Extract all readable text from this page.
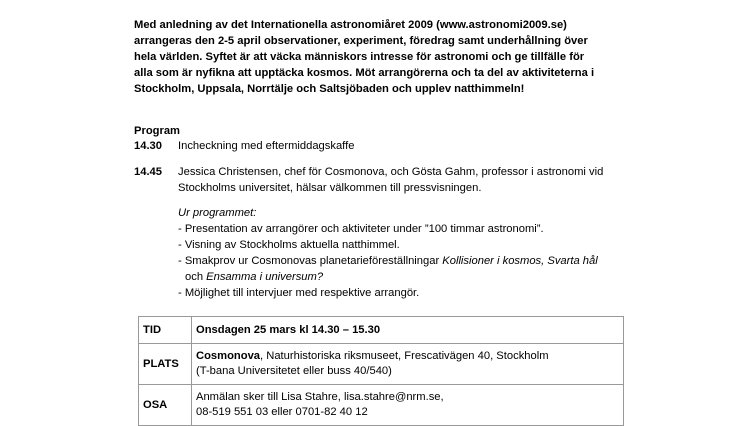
Med anledning av det Internationella astronomiåret 2009 (www.astronomi2009.se)
arrangeras den 2-5 april observationer, experiment, föredrag samt underhållning över
hela världen. Syftet är att väcka människors intresse för astronomi och ge tillfälle för
alla som är nyfikna att upptäcka kosmos. Möt arrangörerna och ta del av aktiviteterna i
Stockholm, Uppsala, Norrtälje och Saltsjöbaden och upplev natthimmeln!
Program
14.30 Incheckning med eftermiddagskaffe
14.45 Jessica Christensen, chef för Cosmonova, och Gösta Gahm, professor i astronomi vid
Stockholms universitet, hälsar välkommen till pressvisningen.
Ur programmet:
- Presentation av arrangörer och aktiviteter under ”100 timmar astronomi”.
- Visning av Stockholms aktuella natthimmel.
- Smakprov ur Cosmonovas planetarieföreställningar Kollisioner i kosmos, Svarta hål
och Ensamma i universum?
- Möjlighet till intervjuer med respektive arrangör.
TID	Onsdagen 25 mars kl 14.30 – 15.30
PLATS	Cosmonova, Naturhistoriska riksmuseet, Frescativägen 40, Stockholm
(T-bana Universitetet eller buss 40/540)

OSA	Anmälan sker till Lisa Stahre, lisa.stahre@nrm.se,
08-519 551 03 eller 0701-82 40 12
